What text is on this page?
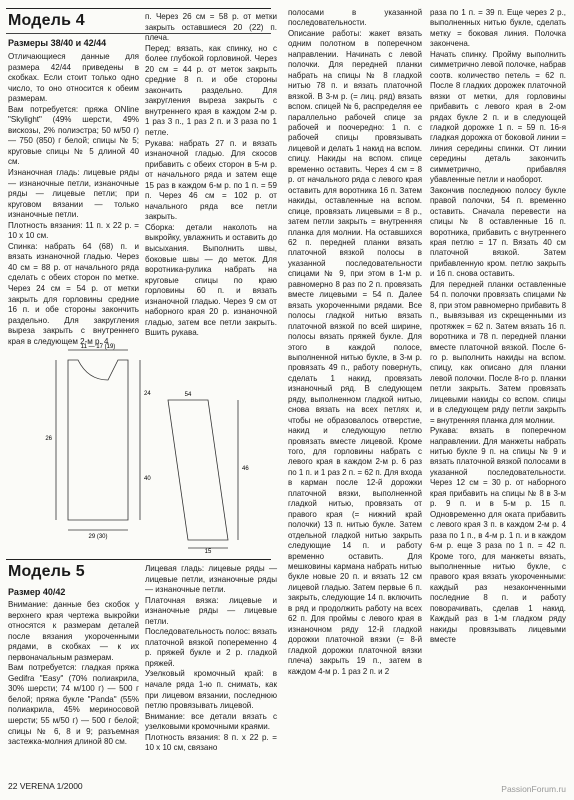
Модель 4
Размеры 38/40 и 42/44

Отличающиеся данные для размера 42/44 приведены в скобках. Если стоит только одно число, то оно относится к обеим размерам.

Вам потребуется: пряжа ONline "Skylight" (49% шерсти, 49% вискозы, 2% полиэстра; 50 м/50 г) — 750 (850) г белой; спицы № 5; круговые спицы № 5 длиной 40 см.

Изнаночная гладь: лицевые ряды — изнаночные петли, изнаночные ряды — лицевые петли; при круговом вязании — только изнаночные петли.

Плотность вязания: 11 п. x 22 р. = 10 x 10 см.

Спинка: набрать 64 (68) п. и вязать изнаночной гладью. Через 40 см = 88 р. от начального ряда сделать с обеих сторон по метке. Через 24 см = 54 р. от метки закрыть для горловины средние 16 п. и обе стороны закончить раздельно. Для закругления выреза закрыть с внутреннего края в следующем 2-м р. 4

п. Через 26 см = 58 р. от метки закрыть оставшиеся 20 (22) п. плеча.

Перед: вязать, как спинку, но с более глубокой горловиной. Через 20 см = 44 р. от меток закрыть средние 8 п. и обе стороны закончить раздельно. Для закругления выреза закрыть с внутреннего края в каждом 2-м р. 1 раз 3 п., 1 раз 2 п. и 3 раза по 1 петле.

Рукава: набрать 27 п. и вязать изнаночной гладью. Для скосов прибавить с обеих сторон в 5-м р. от начального ряда и затем еще 15 раз в каждом 6-м р. по 1 п. = 59 п. Через 46 см = 102 р. от начального ряда все петли закрыть.

Сборка: детали наколоть на выкройку, увлажнить и оставить до высыхания. Выполнить швы, боковые швы — до меток. Для воротника-рулика набрать на круговые спицы по краю горловины 60 п. и вязать изнаночной гладью. Через 9 см от наборного края 20 р. изнаночной гладью, затем все петли закрыть. Вшить рукава.

11 — 17 (19)
26
24
40
29 (30)
15
54
46
Модель 5
Размер 40/42

Внимание: данные без скобок у верхнего края чертежа выкройки относятся к размерам деталей после вязания укороченными рядами, в скобках — к их первоначальным размерам.

Вам потребуется: гладкая пряжа Gedifra "Easy" (70% полиакрила, 30% шерсти; 74 м/100 г) — 500 г белой; пряжа букле "Panda" (55% полиакрила, 45% мериносовой шерсти; 55 м/50 г) — 500 г белой; спицы № 6, 8 и 9; разъемная застежка-молния длиной 80 см.

Лицевая гладь: лицевые ряды — лицевые петли, изнаночные ряды — изнаночные петли.

Платочная вязка: лицевые и изнаночные ряды — лицевые петли.

Последовательность полос: вязать платочной вязкой попеременно 4 р. пряжей букле и 2 р. гладкой пряжей.

Узелковый кромочный край: в начале ряда 1-ю п. снимать, как при лицевом вязании, последнюю петлю провязывать лицевой.

Внимание: все детали вязать с узелковыми кромочными краями.

Плотность вязания: 8 п. x 22 р. = 10 x 10 см, связано

полосами в указанной последовательности.

Описание работы: жакет вязать одним полотном в поперечном направлении. Начинать с левой полочки. Для передней планки набрать на спицы № 8 гладкой нитью 78 п. и вязать платочной вязкой. В 3-м р. (= лиц. ряд) вязать вспом. спицей № 6, распределяя ее параллельно рабочей спице за рабочей и поочередно: 1 п. с рабочей спицы провязывать лицевой и делать 1 накид на вспом. спицу. Накиды на вспом. спице временно оставить. Через 4 см = 8 р. от начального ряда с левого края оставить для воротника 16 п. Затем накиды, оставленные на вспом. спице, провязать лицевыми = 8 р., затем петли закрыть = внутренняя планка для молнии. На оставшихся 62 п. передней планки вязать платочной вязкой полосы в указанной последовательности спицами № 9, при этом в 1-м р. равномерно 8 раз по 2 п. провязать вместе лицевыми = 54 п. Далее вязать укороченными рядами. Все полосы гладкой нитью вязать платочной вязкой по всей ширине, полосы вязать пряжей букле. Для этого в каждой полосе, выполненной нитью букле, в 3-м р. провязать 49 п., работу повернуть, сделать 1 накид, провязать изнаночный ряд. В следующем ряду, выполненном гладкой нитью, снова вязать на всех петлях и, чтобы не образовалось отверстие, накид и следующую петлю провязать вместе лицевой. Кроме того, для горловины набрать с левого края в каждом 2-м р. 6 раз по 1 п. и 1 раз 2 п. = 62 п. Для входа в карман после 12-й дорожки платочной вязки, выполненной гладкой нитью, провязать от правого края (= нижний край полочки) 13 п. нитью букле. Затем отдельной гладкой нитью закрыть следующие 14 п. и работу временно оставить. Для мешковины кармана набрать нитью букле новые 20 п. и вязать 12 см лицевой гладью. Затем первые 6 п. закрыть, следующие 14 п. включить в ряд и продолжить работу на всех 62 п. Для проймы с левого края в изнаночном ряду 12-й гладкой дорожки платочной вязки (= 8-й гладкой дорожки платочной вязки плеча) закрыть 19 п., затем в каждом 4-м р. 1 раз 2 п. и 2

раза по 1 п. = 39 п. Еще через 2 р., выполненных нитью букле, сделать метку = боковая линия. Полочка закончена.

Начать спинку. Пройму выполнить симметрично левой полочке, набрав соотв. количество петель = 62 п. После 8 гладких дорожек платочной вязки от метки, для горловины прибавить с левого края в 2-ом рядах букле 2 п. и в следующей гладкой дорожке 1 п. = 59 п. 16-я гладкая дорожка от боковой линии = линия середины спинки. От линии середины деталь закончить симметрично, прибавляя убавленные петли и наоборот.

Закончив последнюю полосу букле правой полочки, 54 п. временно оставить. Сначала перевести на спицы № 8 оставленные 16 п. воротника, прибавить с внутреннего края петлю = 17 п. Вязать 40 см платочной вязкой. Затем прибавленную кром. петлю закрыть и 16 п. снова оставить.

Для передней планки оставленные 54 п. полочки провязать спицами № 8, при этом равномерно прибавить 8 п., вывязывая из скрещенными из протяжек = 62 п. Затем вязать 16 п. воротника и 78 п. передней планки вместе платочной вязкой. После 6-го р. выполнить накиды на вспом. спицу, как описано для планки левой полочки. После 8-го р. планки петли закрыть. Затем провязать лицевыми накиды со вспом. спицы и в следующем ряду петли закрыть = внутренняя планка для молнии.

Рукава: вязать в поперечном направлении. Для манжеты набрать нитью букле 9 п. на спицы № 9 и вязать платочной вязкой полосами в указанной последовательности. Через 12 см = 30 р. от наборного края прибавить на спицы № 8 в 3-м р. 9 п. и в 5-м р. 15 п. Одновременно для оката прибавить с левого края 3 п. в каждом 2-м р. 4 раза по 1 п., в 4-м р. 1 п. и в каждом 6-м р. еще 3 раза по 1 п. = 42 п. Кроме того, для манжеты вязать, выполненные нитью букле, с правого края вязать укороченными: каждый раз незаконченными последние 8 п. и работу поворачивать, сделав 1 накид. Каждый раз в 1-м гладком ряду накиды провязывать лицевыми вместе

22 VERENA 1/2000	PassionForum.ru
